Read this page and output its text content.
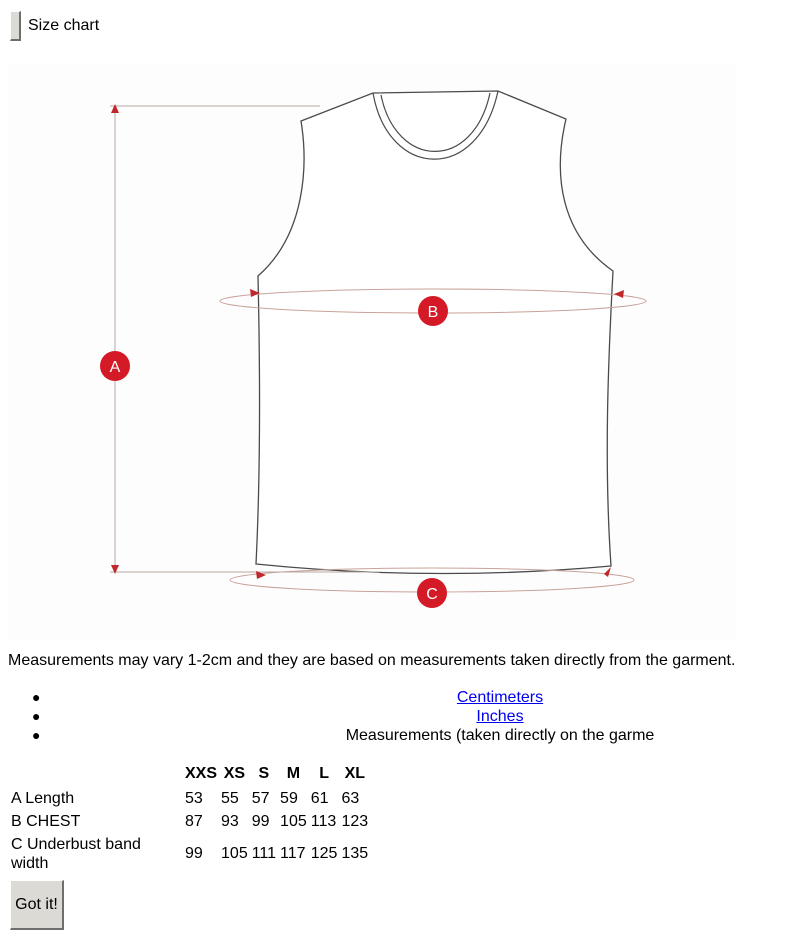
Size chart
A
B
C
Measurements may vary 1-2cm and they are based on measurements taken directly from the garment.
●	Centimeters
●	Inches
●	Measurements (taken directly on the garme
	XXS	XS	S	M	L	XL
A Length	53	55	57	59	61	63
B CHEST	87	93	99	105	113	123
C Underbust band width	99	105	111	117	125	135
Got it!
